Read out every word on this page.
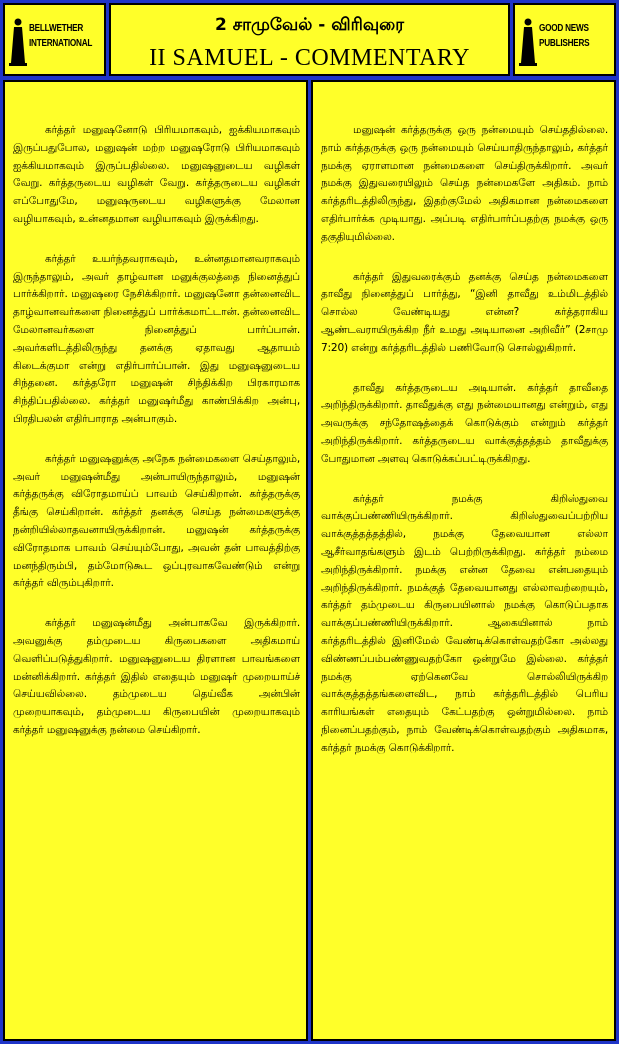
BELLWETHER
INTERNATIONAL
2 சாமுவேல் - விரிவுரை
II SAMUEL - COMMENTARY
GOOD NEWS
PUBLISHERS

கர்த்தர் மனுஷனோடு பிரியமாகவும், ஐக்கியமாகவும் இருப்பதுபோல, மனுஷன் மற்ற மனுஷரோடு பிரியமாகவும் ஐக்கியமாகவும் இருப்பதில்லை. மனுஷனுடைய வழிகள் வேறு. கர்த்தருடைய வழிகள் வேறு. கர்த்தருடைய வழிகள் எப்போதுமே, மனுஷருடைய வழிகளுக்கு மேலான வழியாகவும், உன்னதமான வழியாகவும் இருக்கிறது.

கர்த்தர் உயர்ந்தவராகவும், உன்னதமானவராகவும் இருந்தாலும், அவர் தாழ்வான மனுக்குலத்தை நினைத்துப் பார்க்கிறார். மனுஷரை நேசிக்கிறார். மனுஷனோ தன்னைவிட தாழ்வானவர்களை நினைத்துப் பார்க்கமாட்டான். தன்னைவிட மேலானவர்களை நினைத்துப் பார்ப்பான். அவர்களிடத்திலிருந்து தனக்கு ஏதாவது ஆதாயம் கிடைக்குமா என்று எதிர்பார்ப்பான். இது மனுஷனுடைய சிந்தனை. கர்த்தரோ மனுஷன் சிந்திக்கிற பிரகாரமாக சிந்திப்பதில்லை. கர்த்தர் மனுஷர்மீது காண்பிக்கிற அன்பு, பிரதிபலன் எதிர்பாராத அன்பாகும்.

கர்த்தர் மனுஷனுக்கு அநேக நன்மைகளை செய்தாலும், அவர் மனுஷன்மீது அன்பாயிருந்தாலும், மனுஷன் கர்த்தருக்கு விரோதமாய்ப் பாவம் செய்கிறான். கர்த்தருக்கு தீங்கு செய்கிறான். கர்த்தர் தனக்கு செய்த நன்மைகளுக்கு நன்றியில்லாதவனாயிருக்கிறான். மனுஷன் கர்த்தருக்கு விரோதமாக பாவம் செய்யும்போது, அவன் தன் பாவத்திற்கு மனந்திரும்பி, தம்மோடுகூட ஒப்புரவாகவேண்டும் என்று கர்த்தர் விரும்புகிறார்.

கர்த்தர் மனுஷன்மீது அன்பாகவே இருக்கிறார். அவனுக்கு தம்முடைய கிருபைகளை அதிகமாய் வெளிப்படுத்துகிறார். மனுஷனுடைய திரளான பாவங்களை மன்னிக்கிறார். கர்த்தர் இதில் எதையும் மனுஷர் முறையாய்ச் செய்யவில்லை. தம்முடைய தெய்வீக அன்பின் முறையாகவும், தம்முடைய கிருபையின் முறையாகவும் கர்த்தர் மனுஷனுக்கு நன்மை செய்கிறார்.

மனுஷன் கர்த்தருக்கு ஒரு நன்மையும் செய்ததில்லை. நாம் கர்த்தருக்கு ஒரு நன்மையும் செய்யாதிருந்தாலும், கர்த்தர் நமக்கு ஏராளமான நன்மைகளை செய்திருக்கிறார். அவர் நமக்கு இதுவரையிலும் செய்த நன்மைகளே அதிகம். நாம் கர்த்தரிடத்திலிருந்து, இதற்குமேல் அதிகமான நன்மைகளை எதிர்பார்க்க முடியாது. அப்படி எதிர்பார்ப்பதற்கு நமக்கு ஒரு தகுதியுமில்லை.

கர்த்தர் இதுவரைக்கும் தனக்கு செய்த நன்மைகளை தாவீது நினைத்துப் பார்த்து, “இனி தாவீது உம்மிடத்தில் சொல்ல வேண்டியது என்ன? கர்த்தராகிய ஆண்டவராயிருக்கிற நீர் உமது அடியானை அறிவீர்” (2சாமு 7:20) என்று கர்த்தரிடத்தில் பணிவோடு சொல்லுகிறார்.

தாவீது கர்த்தருடைய அடியான். கர்த்தர் தாவீதை அறிந்திருக்கிறார். தாவீதுக்கு எது நன்மையானது என்றும், எது அவருக்கு சந்தோஷத்தைக் கொடுக்கும் என்றும் கர்த்தர் அறிந்திருக்கிறார். கர்த்தருடைய வாக்குத்தத்தம் தாவீதுக்கு போதுமான அளவு கொடுக்கப்பட்டிருக்கிறது.

கர்த்தர் நமக்கு கிறிஸ்துவை வாக்குப்பண்ணியிருக்கிறார். கிறிஸ்துவைப்பற்றிய வாக்குத்தத்தத்தில், நமக்கு தேவையான எல்லா ஆசீர்வாதங்களும் இடம் பெற்றிருக்கிறது. கர்த்தர் நம்மை அறிந்திருக்கிறார். நமக்கு என்ன தேவை என்பதையும் அறிந்திருக்கிறார். நமக்குத் தேவையானது எல்லாவற்றையும், கர்த்தர் தம்முடைய கிருபையினால் நமக்கு கொடுப்பதாக வாக்குப்பண்ணியிருக்கிறார். ஆகையினால் நாம் கர்த்தரிடத்தில் இனிமேல் வேண்டிக்கொள்வதற்கோ அல்லது விண்ணப்பம்பண்ணுவதற்கோ ஒன்றுமே இல்லை. கர்த்தர் நமக்கு ஏற்கெனவே சொல்லியிருக்கிற வாக்குத்தத்தங்களைவிட, நாம் கர்த்தரிடத்தில் பெரிய காரியங்கள் எதையும் கேட்பதற்கு ஒன்றுமில்லை. நாம் நினைப்பதற்கும், நாம் வேண்டிக்கொள்வதற்கும் அதிகமாக, கர்த்தர் நமக்கு கொடுக்கிறார்.
